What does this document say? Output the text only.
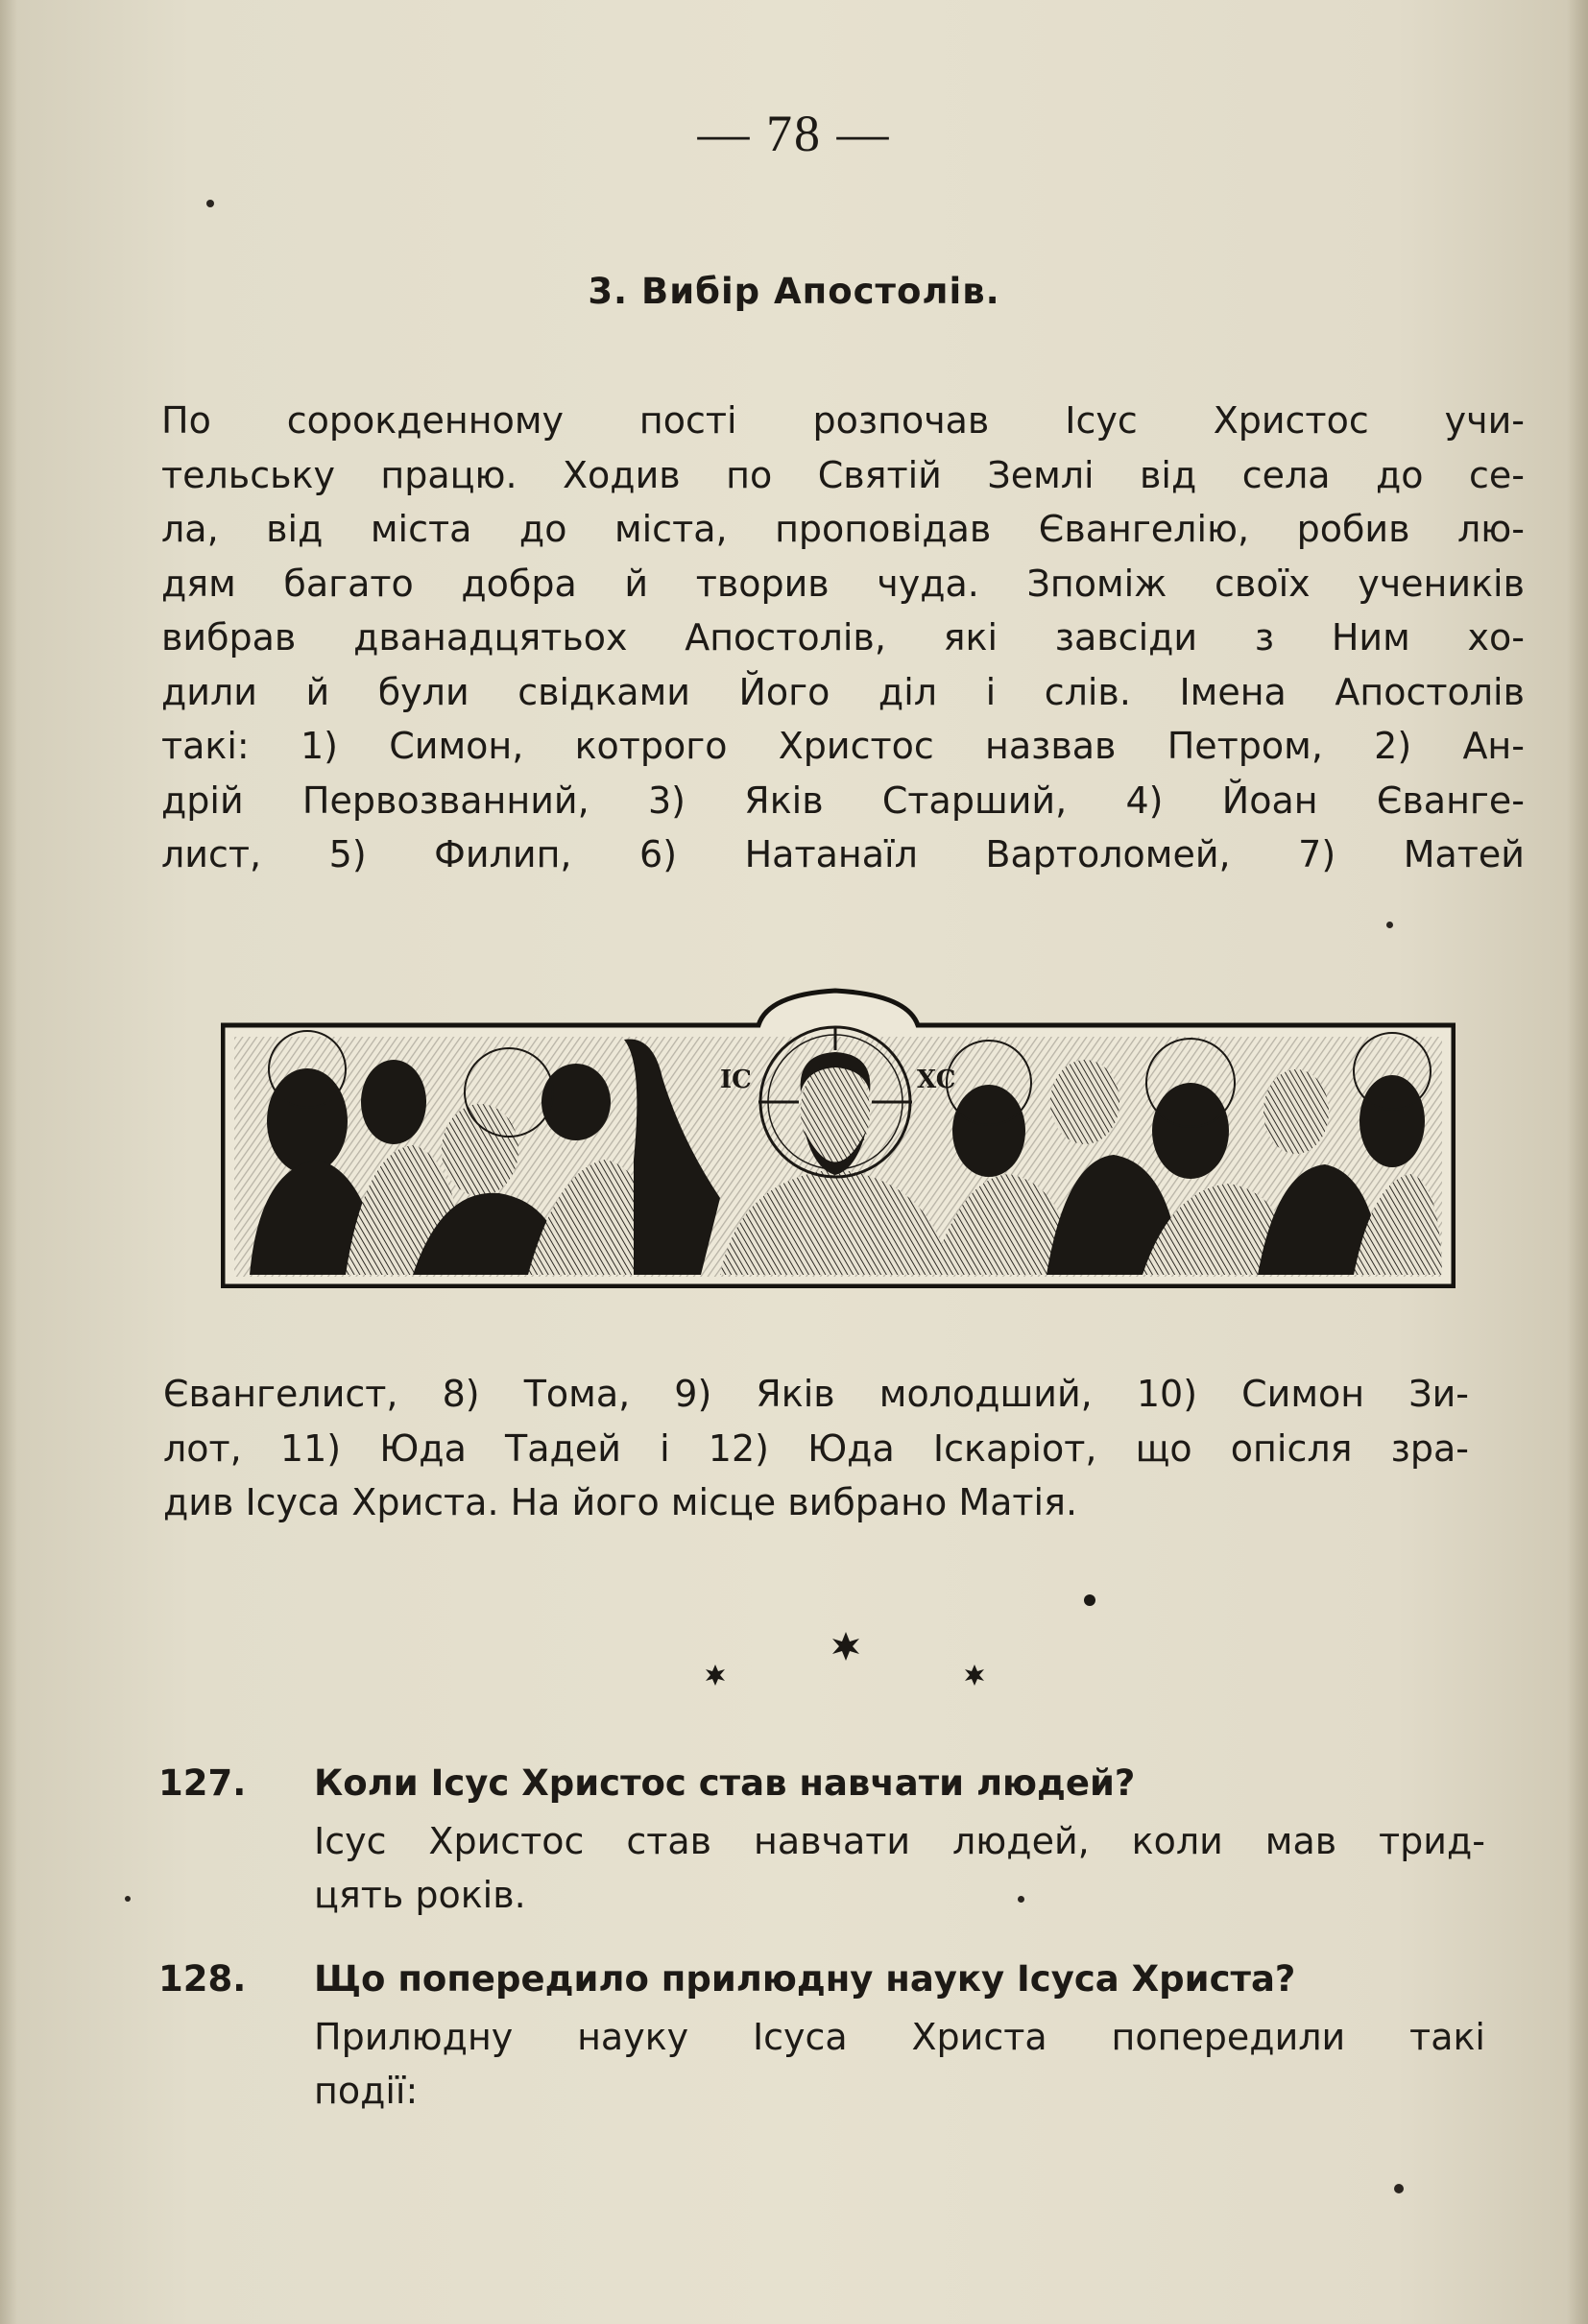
— 78 —
3. Вибір Апостолів.
По сорокденному пості розпочав Ісус Христос учи-
тельську працю. Ходив по Святій Землі від села до се-
ла, від міста до міста, проповідав Євангелію, робив лю-
дям багато добра й творив чуда. Зпоміж своїх учеників
вибрав дванадцятьох Апостолів, які завсіди з Ним хо-
дили й були свідками Його діл і слів. Імена Апостолів
такі: 1) Симон, котрого Христос назвав Петром, 2) Ан-
дрій Первозванний, 3) Яків Старший, 4) Йоан Єванге-
лист, 5) Филип, 6) Натанаїл Вартоломей, 7) Матей
IC	XC
Євангелист, 8) Тома, 9) Яків молодший, 10) Симон Зи-
лот, 11) Юда Тадей і 12) Юда Іскаріот, що опісля зра-
див Ісуса Христа. На його місце вибрано Матія.
127. Коли Ісус Христос став навчати людей?
Ісус Христос став навчати людей, коли мав трид-
цять років.
128. Що попередило прилюдну науку Ісуса Христа?
Прилюдну науку Ісуса Христа попередили такі
події:
